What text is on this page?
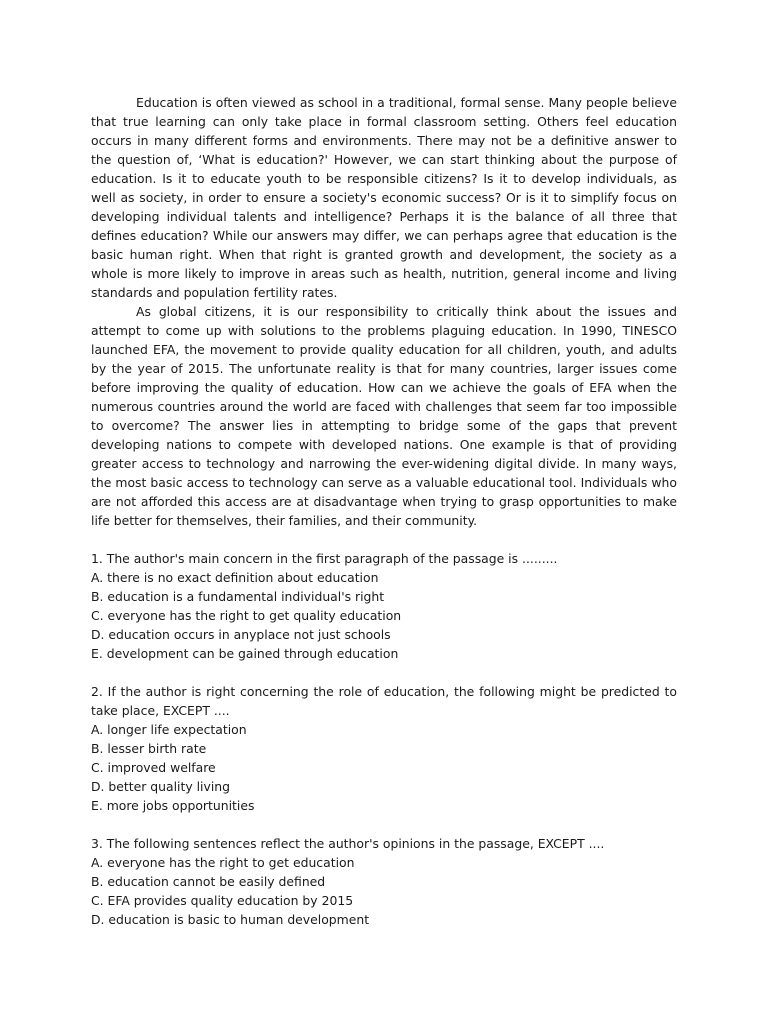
Education is often viewed as school in a traditional, formal sense. Many people believe that true learning can only take place in formal classroom setting. Others feel education occurs in many different forms and environments. There may not be a definitive answer to the question of, ‘What is education?' However, we can start thinking about the purpose of education. Is it to educate youth to be responsible citizens? Is it to develop individuals, as well as society, in order to ensure a society's economic success? Or is it to simplify focus on developing individual talents and intelligence? Perhaps it is the balance of all three that defines education? While our answers may differ, we can perhaps agree that education is the basic human right. When that right is granted growth and development, the society as a whole is more likely to improve in areas such as health, nutrition, general income and living standards and population fertility rates.

As global citizens, it is our responsibility to critically think about the issues and attempt to come up with solutions to the problems plaguing education. In 1990, TINESCO launched EFA, the movement to provide quality education for all children, youth, and adults by the year of 2015. The unfortunate reality is that for many countries, larger issues come before improving the quality of education. How can we achieve the goals of EFA when the numerous countries around the world are faced with challenges that seem far too impossible to overcome? The answer lies in attempting to bridge some of the gaps that prevent developing nations to compete with developed nations. One example is that of providing greater access to technology and narrowing the ever-widening digital divide. In many ways, the most basic access to technology can serve as a valuable educational tool. Individuals who are not afforded this access are at disadvantage when trying to grasp opportunities to make life better for themselves, their families, and their community.

1. The author's main concern in the first paragraph of the passage is .........

A. there is no exact definition about education
B. education is a fundamental individual's right
C. everyone has the right to get quality education
D. education occurs in anyplace not just schools
E. development can be gained through education

2. If the author is right concerning the role of education, the following might be predicted to take place, EXCEPT ....

A. longer life expectation
B. lesser birth rate
C. improved welfare
D. better quality living
E. more jobs opportunities

3. The following sentences reflect the author's opinions in the passage, EXCEPT ....

A. everyone has the right to get education
B. education cannot be easily defined
C. EFA provides quality education by 2015
D. education is basic to human development
